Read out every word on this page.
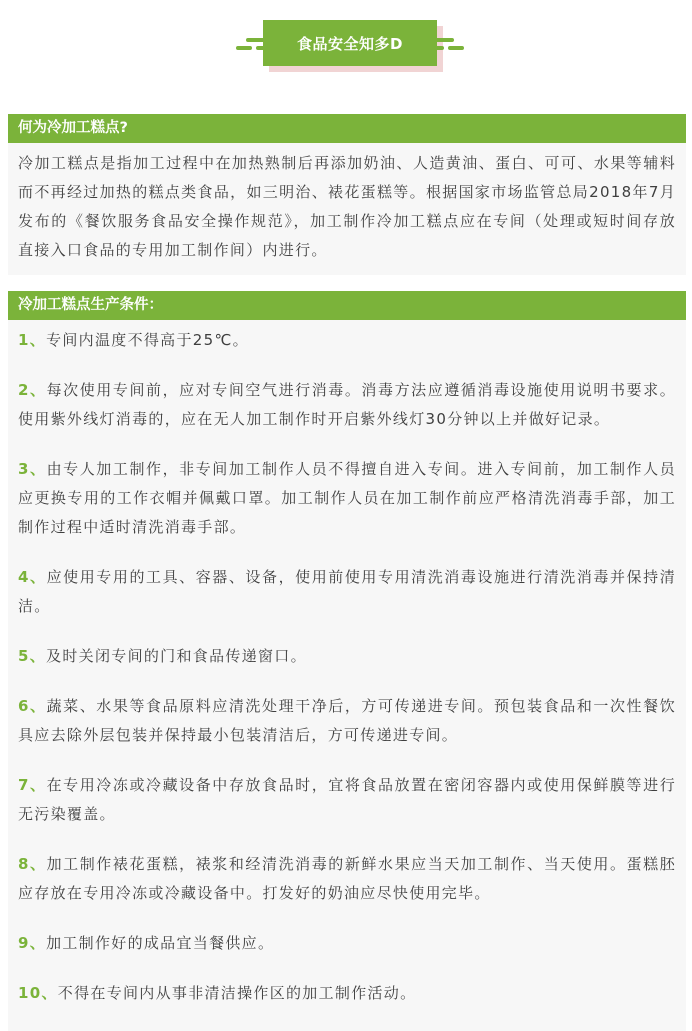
食品安全知多D
何为冷加工糕点?
冷加工糕点是指加工过程中在加热熟制后再添加奶油、人造黄油、蛋白、可可、水果等辅料而不再经过加热的糕点类食品，如三明治、裱花蛋糕等。根据国家市场监管总局2018年7月发布的《餐饮服务食品安全操作规范》，加工制作冷加工糕点应在专间（处理或短时间存放直接入口食品的专用加工制作间）内进行。
冷加工糕点生产条件：
1、专间内温度不得高于25℃。
2、每次使用专间前，应对专间空气进行消毒。消毒方法应遵循消毒设施使用说明书要求。使用紫外线灯消毒的，应在无人加工制作时开启紫外线灯30分钟以上并做好记录。
3、由专人加工制作，非专间加工制作人员不得擅自进入专间。进入专间前，加工制作人员应更换专用的工作衣帽并佩戴口罩。加工制作人员在加工制作前应严格清洗消毒手部，加工制作过程中适时清洗消毒手部。
4、应使用专用的工具、容器、设备，使用前使用专用清洗消毒设施进行清洗消毒并保持清洁。
5、及时关闭专间的门和食品传递窗口。
6、蔬菜、水果等食品原料应清洗处理干净后，方可传递进专间。预包装食品和一次性餐饮具应去除外层包装并保持最小包装清洁后，方可传递进专间。
7、在专用冷冻或冷藏设备中存放食品时，宜将食品放置在密闭容器内或使用保鲜膜等进行无污染覆盖。
8、加工制作裱花蛋糕，裱浆和经清洗消毒的新鲜水果应当天加工制作、当天使用。蛋糕胚应存放在专用冷冻或冷藏设备中。打发好的奶油应尽快使用完毕。
9、加工制作好的成品宜当餐供应。
10、不得在专间内从事非清洁操作区的加工制作活动。
